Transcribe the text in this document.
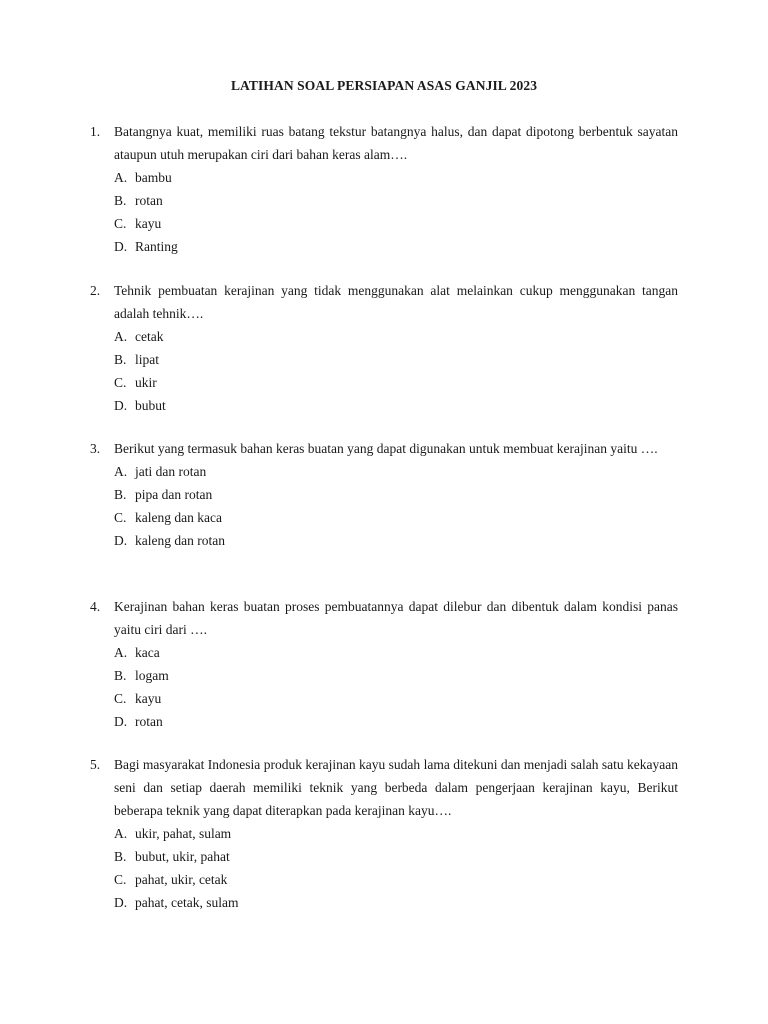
LATIHAN SOAL PERSIAPAN ASAS GANJIL 2023
1. Batangnya kuat, memiliki ruas batang tekstur batangnya halus, dan dapat dipotong berbentuk sayatan ataupun utuh merupakan ciri dari bahan keras alam….
A. bambu
B. rotan
C. kayu
D. Ranting
2. Tehnik pembuatan kerajinan yang tidak menggunakan alat melainkan cukup menggunakan tangan adalah tehnik….
A. cetak
B. lipat
C. ukir
D. bubut
3. Berikut yang termasuk bahan keras buatan yang dapat digunakan untuk membuat kerajinan yaitu ….
A. jati dan rotan
B. pipa dan rotan
C. kaleng dan kaca
D. kaleng dan rotan
4. Kerajinan bahan keras buatan proses pembuatannya dapat dilebur dan dibentuk dalam kondisi panas yaitu ciri dari ….
A. kaca
B. logam
C. kayu
D. rotan
5. Bagi masyarakat Indonesia produk kerajinan kayu sudah lama ditekuni dan menjadi salah satu kekayaan seni dan setiap daerah memiliki teknik yang berbeda dalam pengerjaan kerajinan kayu, Berikut beberapa teknik yang dapat diterapkan pada kerajinan kayu….
A. ukir, pahat, sulam
B. bubut, ukir, pahat
C. pahat, ukir, cetak
D. pahat, cetak, sulam
